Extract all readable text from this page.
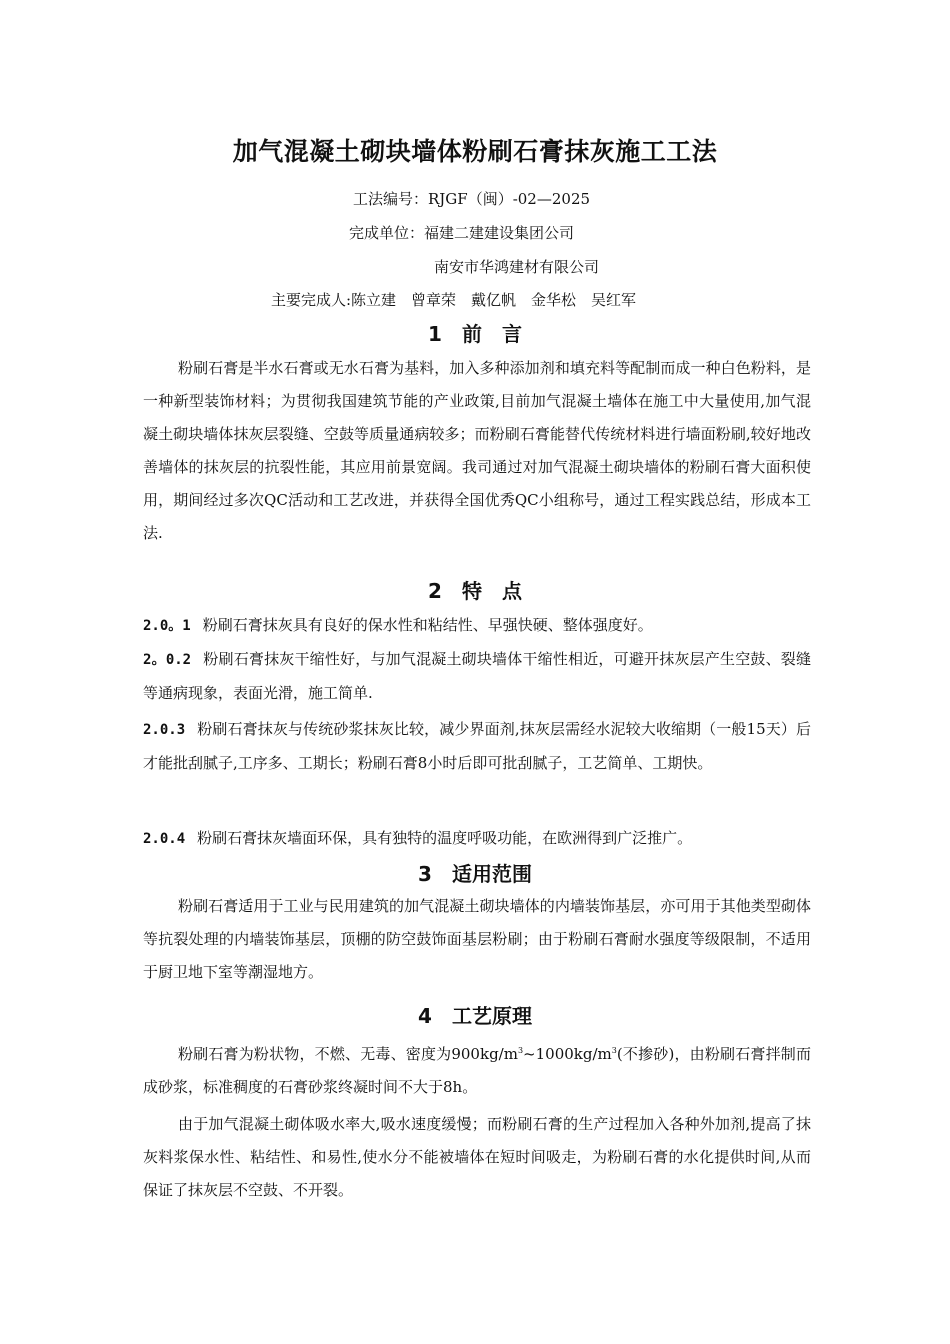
加气混凝土砌块墙体粉刷石膏抹灰施工工法
工法编号：RJGF（闽）-02—2025
完成单位：福建二建建设集团公司
南安市华鸿建材有限公司
主要完成人:陈立建　曾章荣　戴亿帆　金华松　吴红军
1　前　言
粉刷石膏是半水石膏或无水石膏为基料，加入多种添加剂和填充料等配制而成一种白色粉料，是一种新型装饰材料；为贯彻我国建筑节能的产业政策,目前加气混凝土墙体在施工中大量使用,加气混凝土砌块墙体抹灰层裂缝、空鼓等质量通病较多；而粉刷石膏能替代传统材料进行墙面粉刷,较好地改善墙体的抹灰层的抗裂性能，其应用前景宽阔。我司通过对加气混凝土砌块墙体的粉刷石膏大面积使用，期间经过多次QC活动和工艺改进，并获得全国优秀QC小组称号，通过工程实践总结，形成本工法.
2　特　点
2.0。1 粉刷石膏抹灰具有良好的保水性和粘结性、早强快硬、整体强度好。
2。0.2 粉刷石膏抹灰干缩性好，与加气混凝土砌块墙体干缩性相近，可避开抹灰层产生空鼓、裂缝等通病现象，表面光滑，施工简单.
2.0.3 粉刷石膏抹灰与传统砂浆抹灰比较，减少界面剂,抹灰层需经水泥较大收缩期（一般15天）后才能批刮腻子,工序多、工期长；粉刷石膏8小时后即可批刮腻子，工艺简单、工期快。
2.0.4 粉刷石膏抹灰墙面环保，具有独特的温度呼吸功能，在欧洲得到广泛推广。
3　适用范围
粉刷石膏适用于工业与民用建筑的加气混凝土砌块墙体的内墙装饰基层，亦可用于其他类型砌体等抗裂处理的内墙装饰基层，顶棚的防空鼓饰面基层粉刷；由于粉刷石膏耐水强度等级限制，不适用于厨卫地下室等潮湿地方。
4　工艺原理
粉刷石膏为粉状物，不燃、无毒、密度为$900kg/m^3\sim 1000kg/m^3$(不掺砂)，由粉刷石膏拌制而成砂浆，标准稠度的石膏砂浆终凝时间不大于8h。
由于加气混凝土砌体吸水率大,吸水速度缓慢；而粉刷石膏的生产过程加入各种外加剂,提高了抹灰料浆保水性、粘结性、和易性,使水分不能被墙体在短时间吸走，为粉刷石膏的水化提供时间,从而保证了抹灰层不空鼓、不开裂。
